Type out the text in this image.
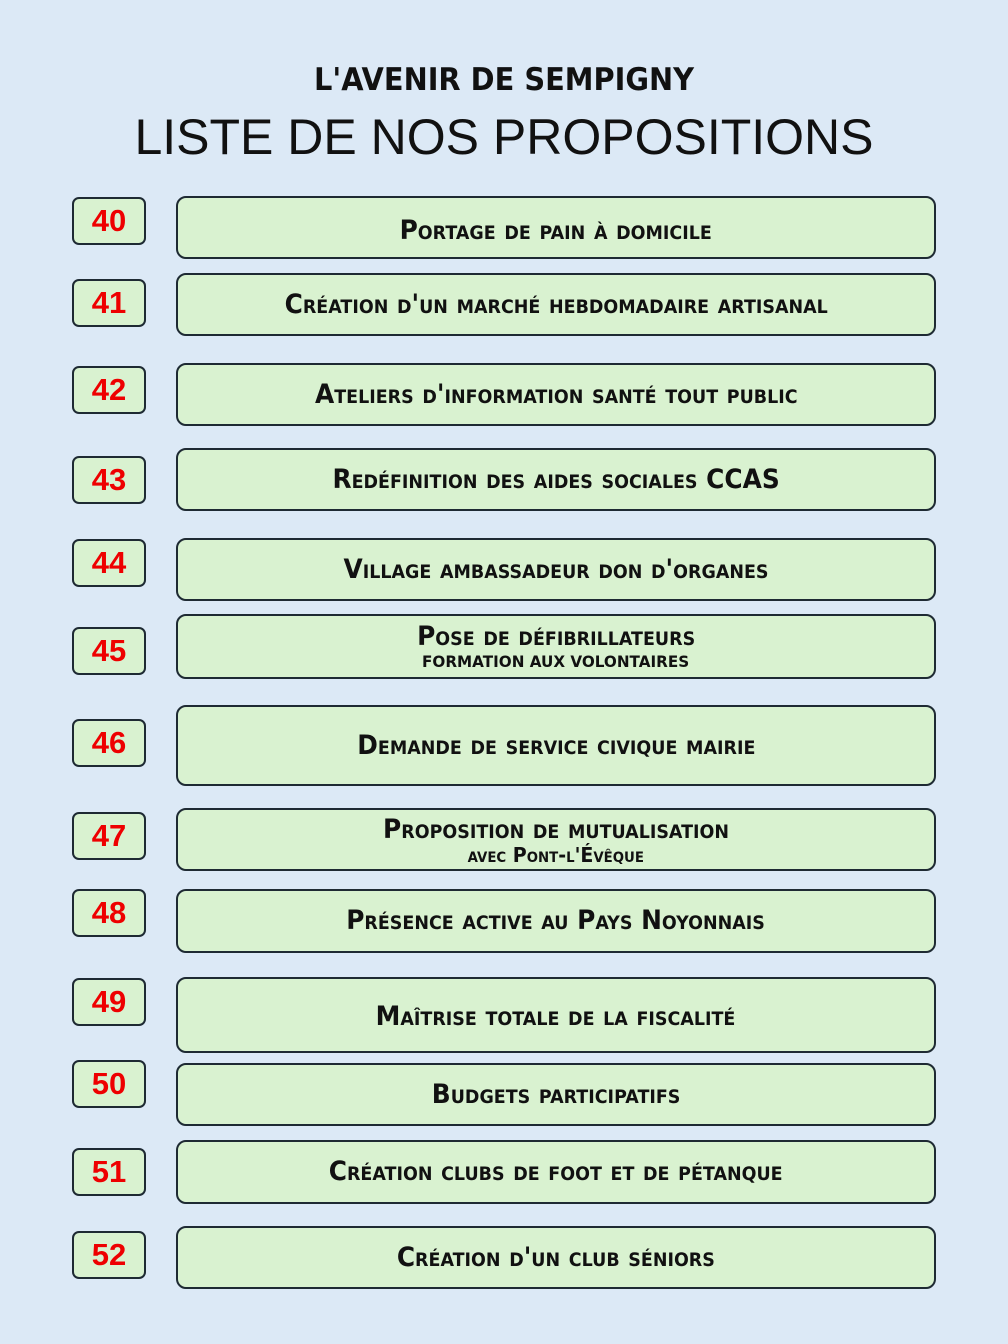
L'AVENIR DE SEMPIGNY
LISTE DE NOS PROPOSITIONS
40	Portage de pain à domicile
41	Création d'un marché hebdomadaire artisanal
42	Ateliers d'information santé tout public
43	Redéfinition des aides sociales CCAS
44	Village ambassadeur don d'organes
45	Pose de défibrillateurs
FORMATION AUX VOLONTAIRES
46	Demande de service civique mairie
47	Proposition de mutualisation
avec Pont-l'Évêque
48	Présence active au Pays Noyonnais
49	Maîtrise totale de la fiscalité
50	Budgets participatifs
51	Création clubs de foot et de pétanque
52	Création d'un club séniors
